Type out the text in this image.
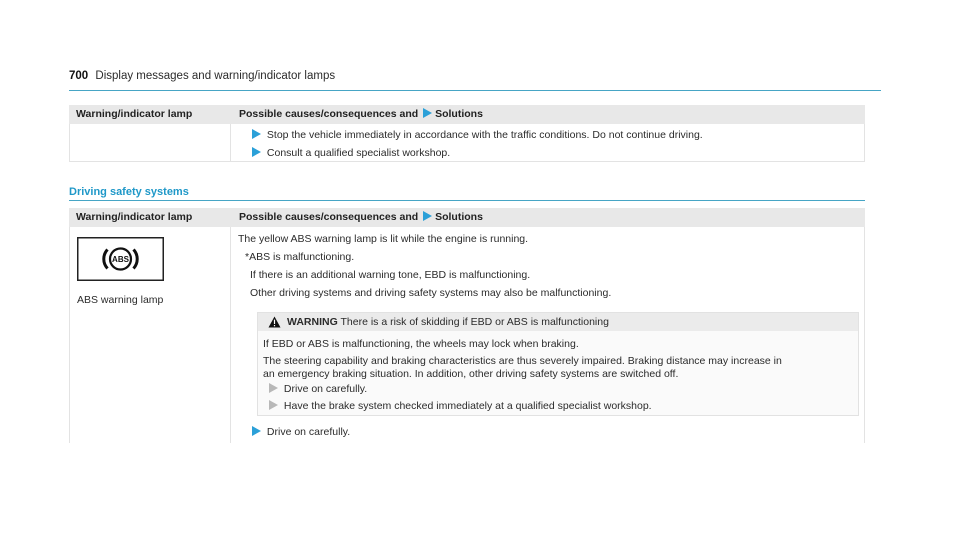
700 Display messages and warning/indicator lamps
Warning/indicator lamp	Possible causes/consequences and Solutions
Stop the vehicle immediately in accordance with the traffic conditions. Do not continue driving.
Consult a qualified specialist workshop.
Driving safety systems
Warning/indicator lamp	Possible causes/consequences and Solutions
ABS
ABS warning lamp
The yellow ABS warning lamp is lit while the engine is running.
*ABS is malfunctioning.
If there is an additional warning tone, EBD is malfunctioning.
Other driving systems and driving safety systems may also be malfunctioning.
WARNING There is a risk of skidding if EBD or ABS is malfunctioning
If EBD or ABS is malfunctioning, the wheels may lock when braking.
The steering capability and braking characteristics are thus severely impaired. Braking distance may increase in
an emergency braking situation. In addition, other driving safety systems are switched off.
Drive on carefully.
Have the brake system checked immediately at a qualified specialist workshop.
Drive on carefully.
